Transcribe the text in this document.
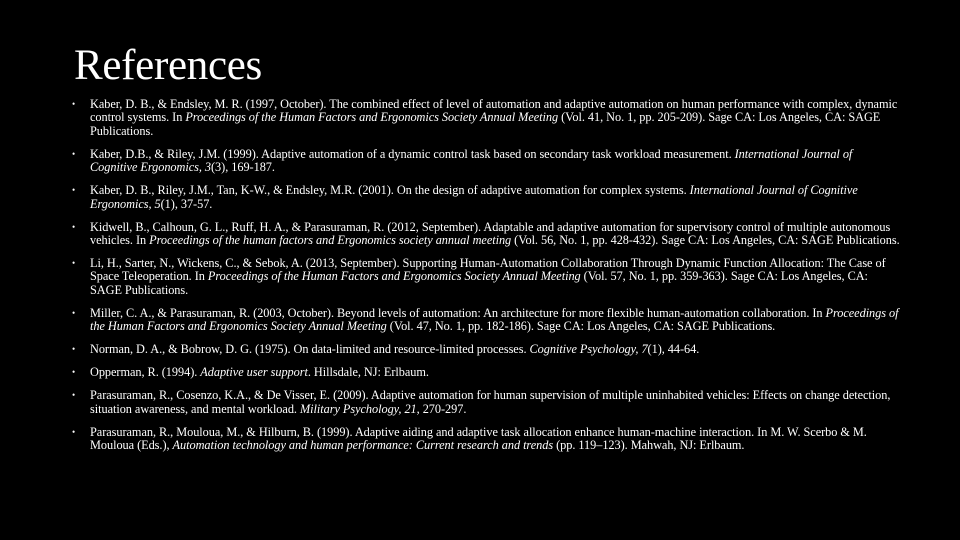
References
• Kaber, D. B., & Endsley, M. R. (1997, October). The combined effect of level of automation and adaptive automation on human performance with complex, dynamic control systems. In Proceedings of the Human Factors and Ergonomics Society Annual Meeting (Vol. 41, No. 1, pp. 205-209). Sage CA: Los Angeles, CA: SAGE Publications.
• Kaber, D.B., & Riley, J.M. (1999). Adaptive automation of a dynamic control task based on secondary task workload measurement. International Journal of Cognitive Ergonomics, 3(3), 169-187.
• Kaber, D. B., Riley, J.M., Tan, K-W., & Endsley, M.R. (2001). On the design of adaptive automation for complex systems. International Journal of Cognitive Ergonomics, 5(1), 37-57.
• Kidwell, B., Calhoun, G. L., Ruff, H. A., & Parasuraman, R. (2012, September). Adaptable and adaptive automation for supervisory control of multiple autonomous vehicles. In Proceedings of the human factors and Ergonomics society annual meeting (Vol. 56, No. 1, pp. 428-432). Sage CA: Los Angeles, CA: SAGE Publications.
• Li, H., Sarter, N., Wickens, C., & Sebok, A. (2013, September). Supporting Human-Automation Collaboration Through Dynamic Function Allocation: The Case of Space Teleoperation. In Proceedings of the Human Factors and Ergonomics Society Annual Meeting (Vol. 57, No. 1, pp. 359-363). Sage CA: Los Angeles, CA: SAGE Publications.
• Miller, C. A., & Parasuraman, R. (2003, October). Beyond levels of automation: An architecture for more flexible human-automation collaboration. In Proceedings of the Human Factors and Ergonomics Society Annual Meeting (Vol. 47, No. 1, pp. 182-186). Sage CA: Los Angeles, CA: SAGE Publications.
• Norman, D. A., & Bobrow, D. G. (1975). On data-limited and resource-limited processes. Cognitive Psychology, 7(1), 44-64.
• Opperman, R. (1994). Adaptive user support. Hillsdale, NJ: Erlbaum.
• Parasuraman, R., Cosenzo, K.A., & De Visser, E. (2009). Adaptive automation for human supervision of multiple uninhabited vehicles: Effects on change detection, situation awareness, and mental workload. Military Psychology, 21, 270-297.
• Parasuraman, R., Mouloua, M., & Hilburn, B. (1999). Adaptive aiding and adaptive task allocation enhance human-machine interaction. In M. W. Scerbo & M. Mouloua (Eds.), Automation technology and human performance: Current research and trends (pp. 119–123). Mahwah, NJ: Erlbaum.
